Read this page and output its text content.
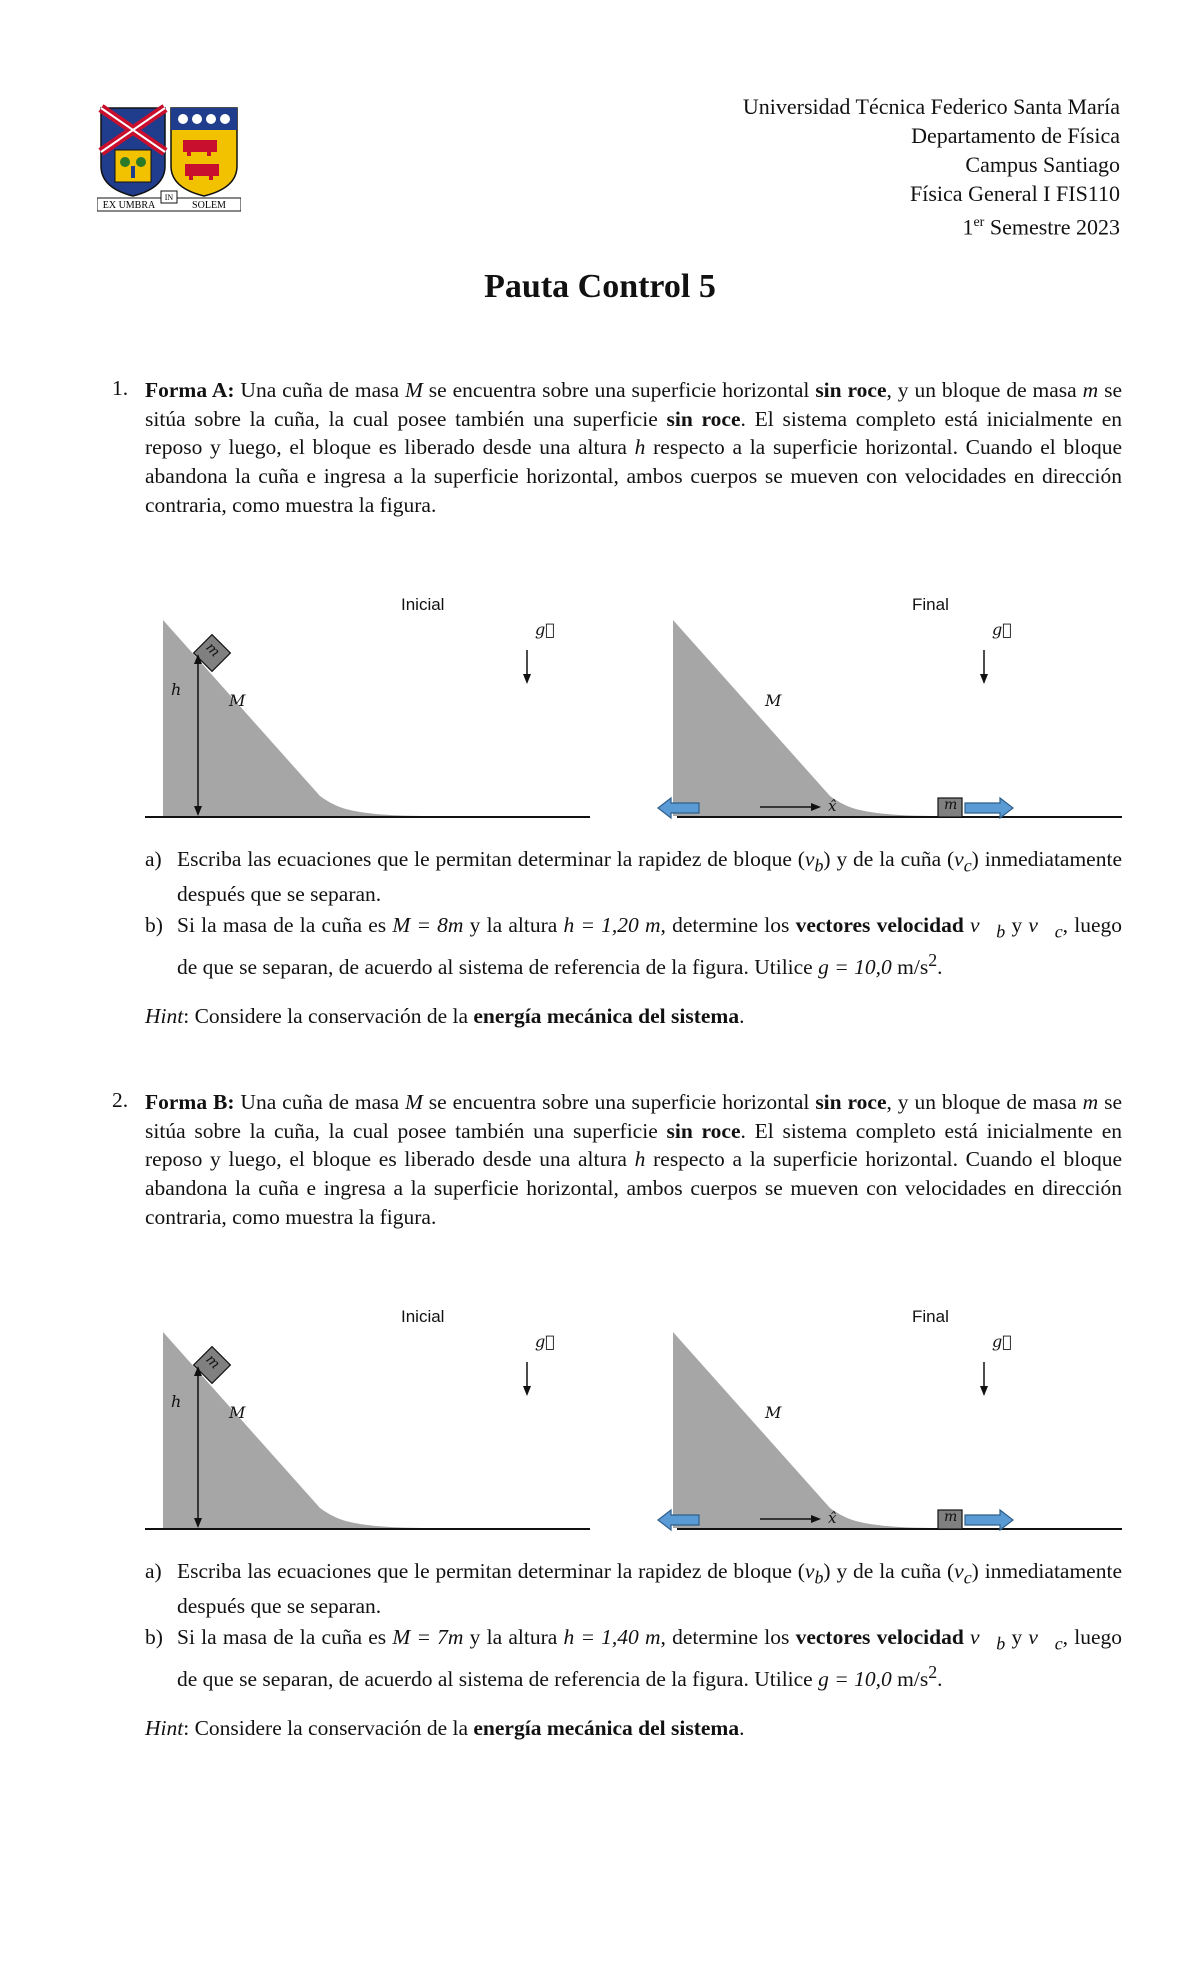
EX UMBRA
IN
SOLEM
Universidad Técnica Federico Santa María
Departamento de Física
Campus Santiago
Física General I FIS110
1er Semestre 2023
Pauta Control 5
1. Forma A: Una cuña de masa M se encuentra sobre una superficie horizontal sin roce, y un bloque de masa m se sitúa sobre la cuña, la cual posee también una superficie sin roce. El sistema completo está inicialmente en reposo y luego, el bloque es liberado desde una altura h respecto a la superficie horizontal. Cuando el bloque abandona la cuña e ingresa a la superficie horizontal, ambos cuerpos se mueven con velocidades en dirección contraria, como muestra la figura.
Inicial	Final
g⃗	g⃗
h
M	M
m
m
x̂
a) Escriba las ecuaciones que le permitan determinar la rapidez de bloque $(v_b)$ y de la cuña $(v_c)$ inmediatamente después que se separan.
b) Si la masa de la cuña es M = 8m y la altura h = 1,20 m, determine los vectores velocidad $v⃗_b$ y $v⃗_c$, luego de que se separan, de acuerdo al sistema de referencia de la figura. Utilice g = 10,0 $m/s^2$.
Hint: Considere la conservación de la energía mecánica del sistema.
2. Forma B: Una cuña de masa M se encuentra sobre una superficie horizontal sin roce, y un bloque de masa m se sitúa sobre la cuña, la cual posee también una superficie sin roce. El sistema completo está inicialmente en reposo y luego, el bloque es liberado desde una altura h respecto a la superficie horizontal. Cuando el bloque abandona la cuña e ingresa a la superficie horizontal, ambos cuerpos se mueven con velocidades en dirección contraria, como muestra la figura.
Inicial	Final
g⃗	g⃗
h
M	M
m
m
x̂
a) Escriba las ecuaciones que le permitan determinar la rapidez de bloque $(v_b)$ y de la cuña $(v_c)$ inmediatamente después que se separan.
b) Si la masa de la cuña es M = 7m y la altura h = 1,40 m, determine los vectores velocidad $v⃗_b$ y $v⃗_c$, luego de que se separan, de acuerdo al sistema de referencia de la figura. Utilice g = 10,0 $m/s^2$.
Hint: Considere la conservación de la energía mecánica del sistema.
